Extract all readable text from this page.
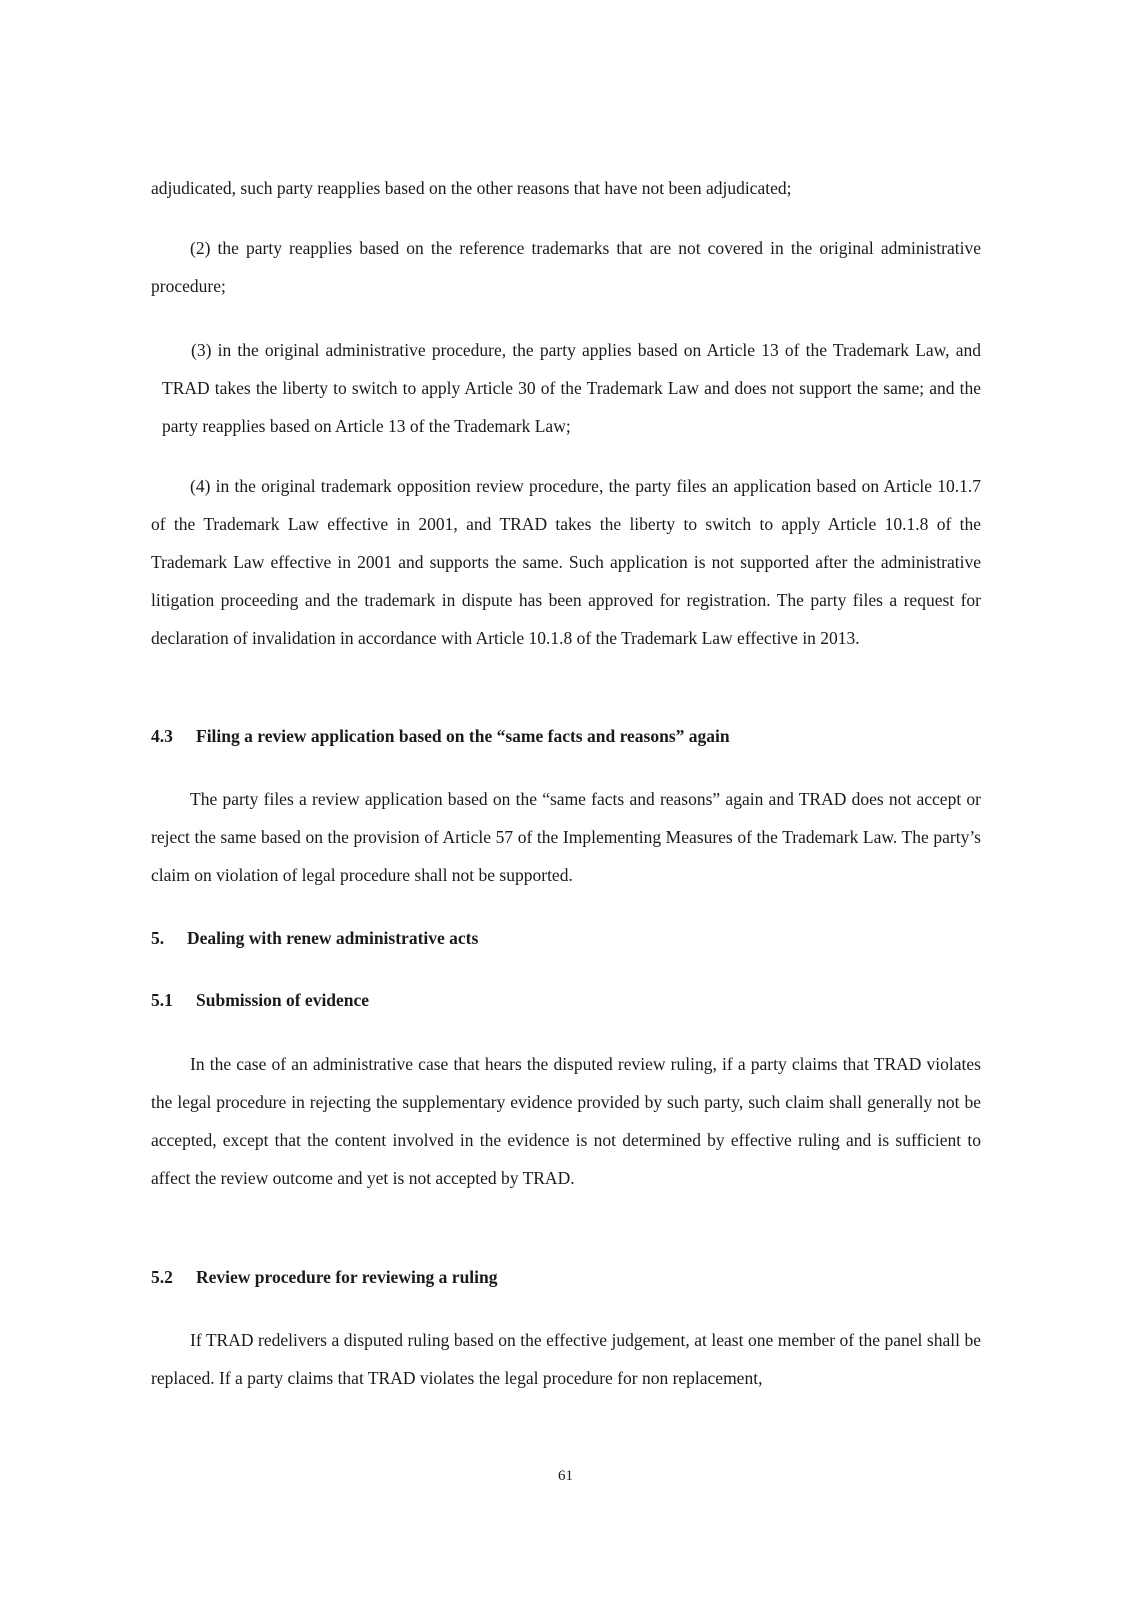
adjudicated, such party reapplies based on the other reasons that have not been adjudicated;

(2) the party reapplies based on the reference trademarks that are not covered in the original administrative procedure;

(3) in the original administrative procedure, the party applies based on Article 13 of the Trademark Law, and TRAD takes the liberty to switch to apply Article 30 of the Trademark Law and does not support the same; and the party reapplies based on Article 13 of the Trademark Law;

(4) in the original trademark opposition review procedure, the party files an application based on Article 10.1.7 of the Trademark Law effective in 2001, and TRAD takes the liberty to switch to apply Article 10.1.8 of the Trademark Law effective in 2001 and supports the same. Such application is not supported after the administrative litigation proceeding and the trademark in dispute has been approved for registration. The party files a request for declaration of invalidation in accordance with Article 10.1.8 of the Trademark Law effective in 2013.

4.3 Filing a review application based on the “same facts and reasons” again

The party files a review application based on the “same facts and reasons” again and TRAD does not accept or reject the same based on the provision of Article 57 of the Implementing Measures of the Trademark Law. The party’s claim on violation of legal procedure shall not be supported.

5. Dealing with renew administrative acts
5.1 Submission of evidence

In the case of an administrative case that hears the disputed review ruling, if a party claims that TRAD violates the legal procedure in rejecting the supplementary evidence provided by such party, such claim shall generally not be accepted, except that the content involved in the evidence is not determined by effective ruling and is sufficient to affect the review outcome and yet is not accepted by TRAD.

5.2 Review procedure for reviewing a ruling

If TRAD redelivers a disputed ruling based on the effective judgement, at least one member of the panel shall be replaced. If a party claims that TRAD violates the legal procedure for non replacement,

61
